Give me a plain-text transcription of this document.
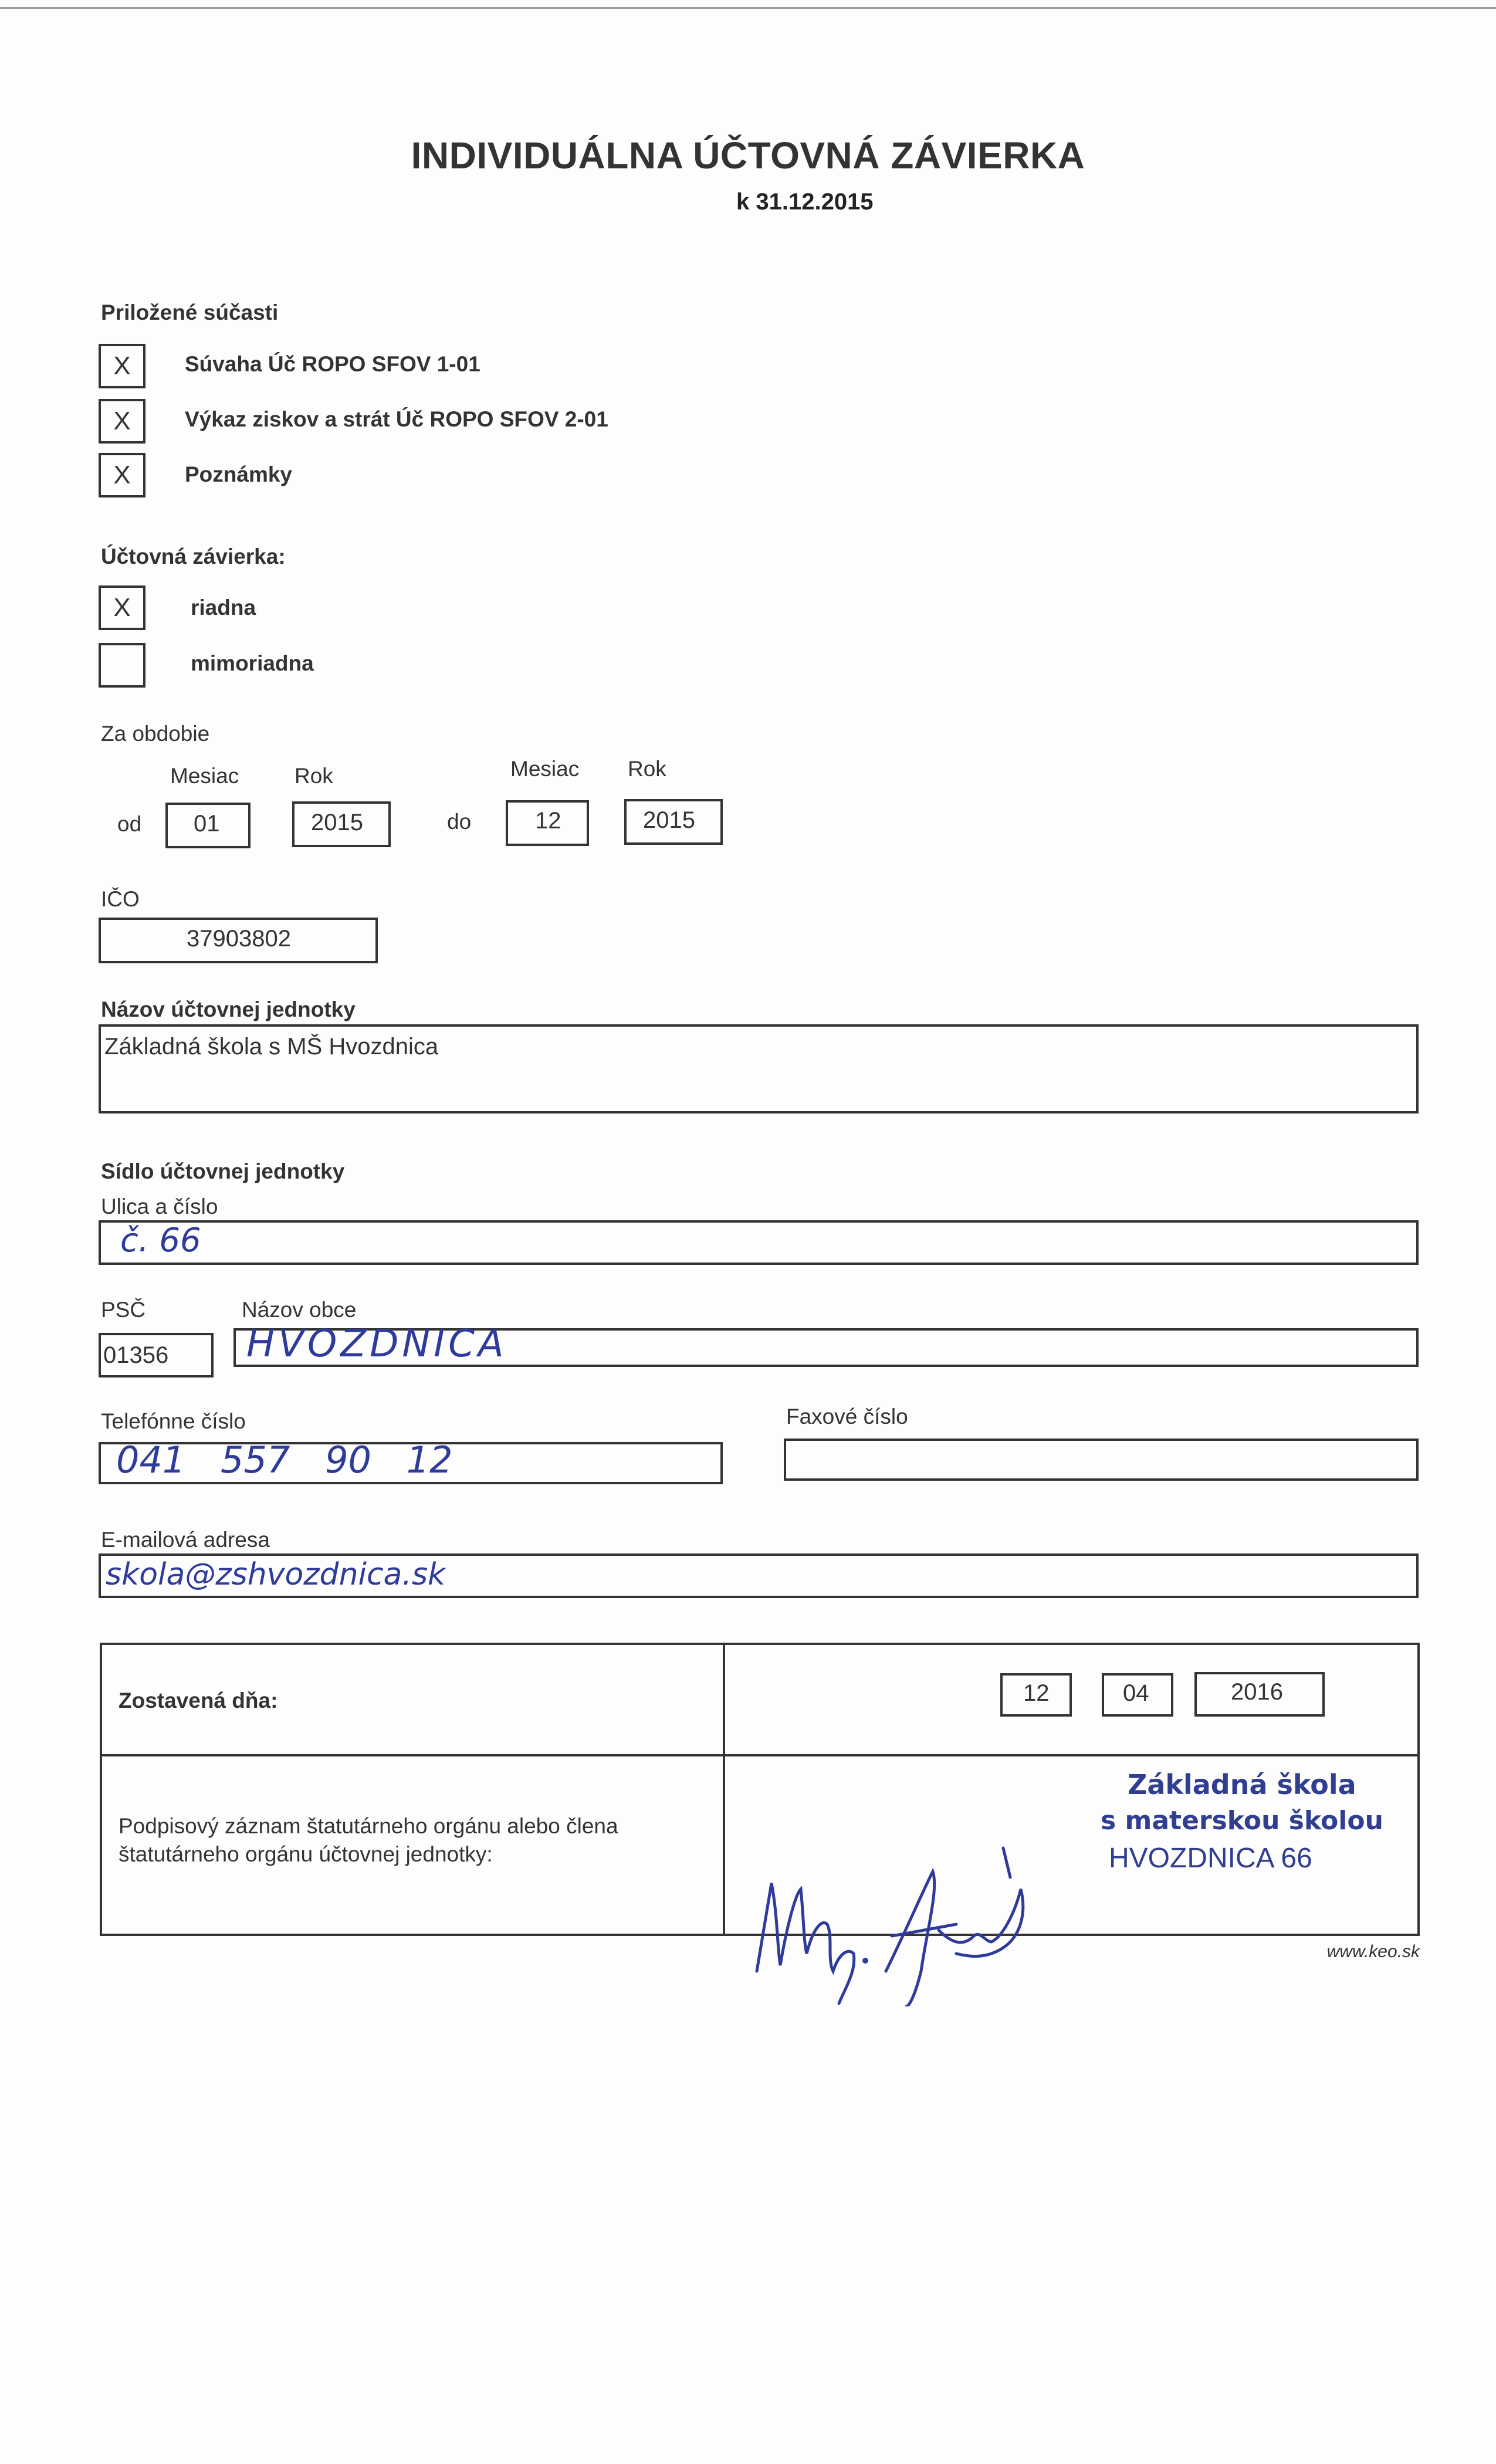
INDIVIDUÁLNA ÚČTOVNÁ ZÁVIERKA
k 31.12.2015
Priložené súčasti
X	Súvaha Úč ROPO SFOV 1-01
X	Výkaz ziskov a strát Úč ROPO SFOV 2-01
X	Poznámky
Účtovná závierka:
X	riadna
mimoriadna
Za obdobie
Mesiac	Rok	Mesiac Rok
od 01	2015	do	12	2015
IČO
37903802
Názov účtovnej jednotky
Základná škola s MŠ Hvozdnica
Sídlo účtovnej jednotky
Ulica a číslo
č. 66
PSČ	Názov obce
01356 HVOZDNICA
Telefónne číslo	Faxové číslo
041 557 90 12
E-mailová adresa
skola@zshvozdnica.sk
Zostavená dňa:	12	04	2016
Podpisový záznam štatutárneho orgánu alebo člena
štatutárneho orgánu účtovnej jednotky:
Základná škola
s materskou školou
HVOZDNICA 66
www.keo.sk
